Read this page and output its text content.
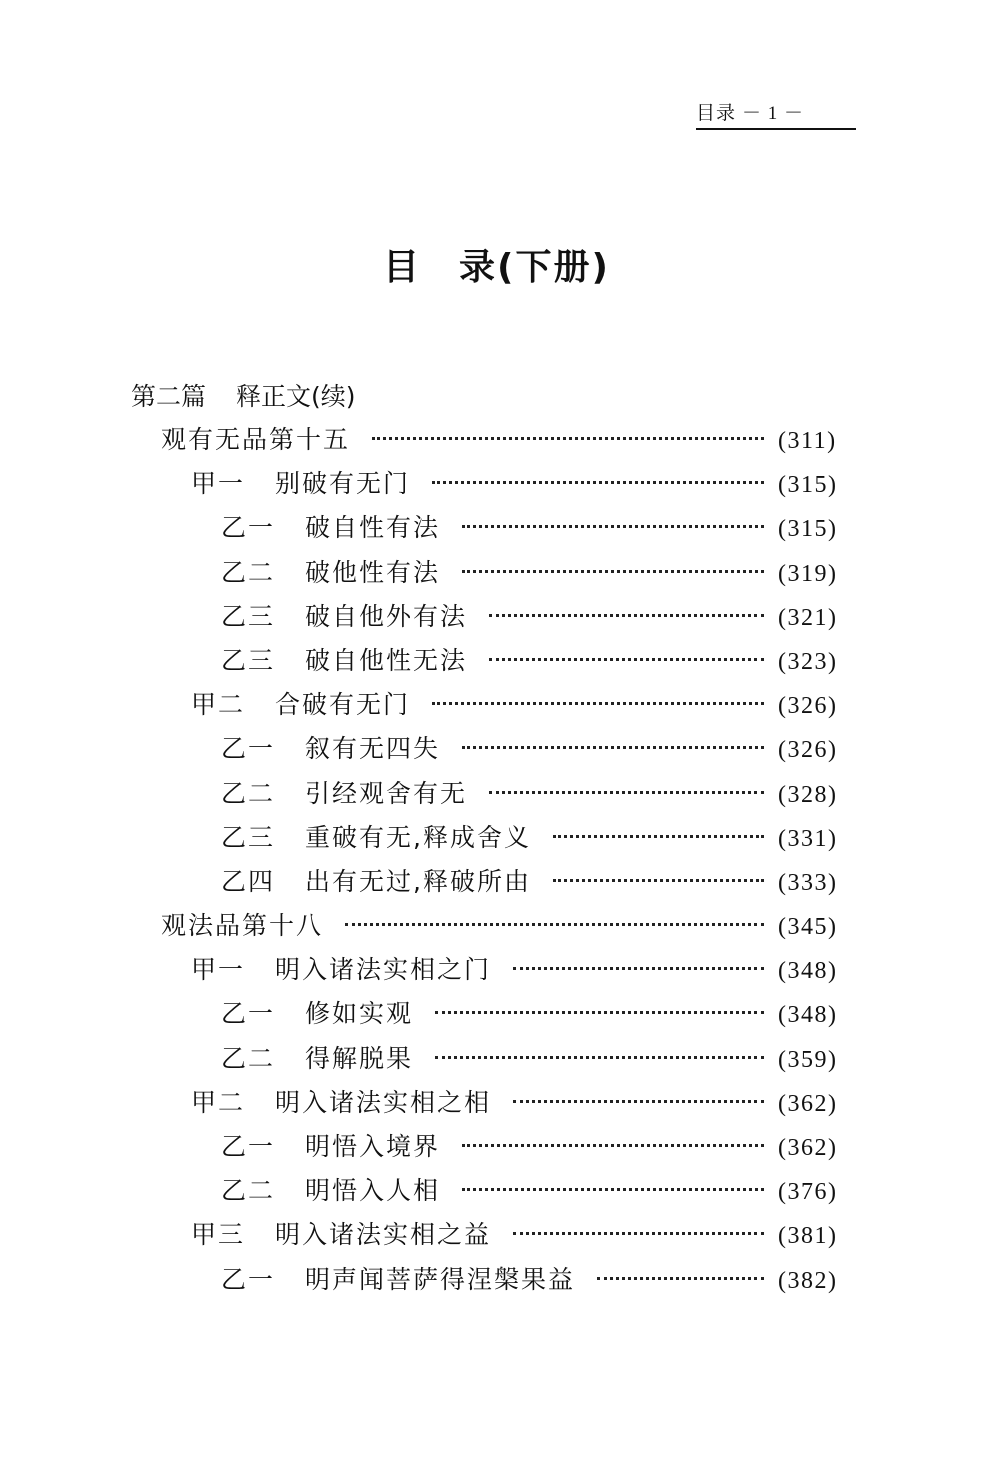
目录 － 1 －
目　录(下册)
第二篇 释正文(续)
观有无品第十五	(311)
甲一 别破有无门	(315)
乙一 破自性有法	(315)
乙二 破他性有法	(319)
乙三 破自他外有法	(321)
乙三 破自他性无法	(323)
甲二 合破有无门	(326)
乙一 叙有无四失	(326)
乙二 引经观舍有无	(328)
乙三 重破有无,释成舍义	(331)
乙四 出有无过,释破所由	(333)
观法品第十八	(345)
甲一 明入诸法实相之门	(348)
乙一 修如实观	(348)
乙二 得解脱果	(359)
甲二 明入诸法实相之相	(362)
乙一 明悟入境界	(362)
乙二 明悟入人相	(376)
甲三 明入诸法实相之益	(381)
乙一 明声闻菩萨得涅槃果益	(382)
